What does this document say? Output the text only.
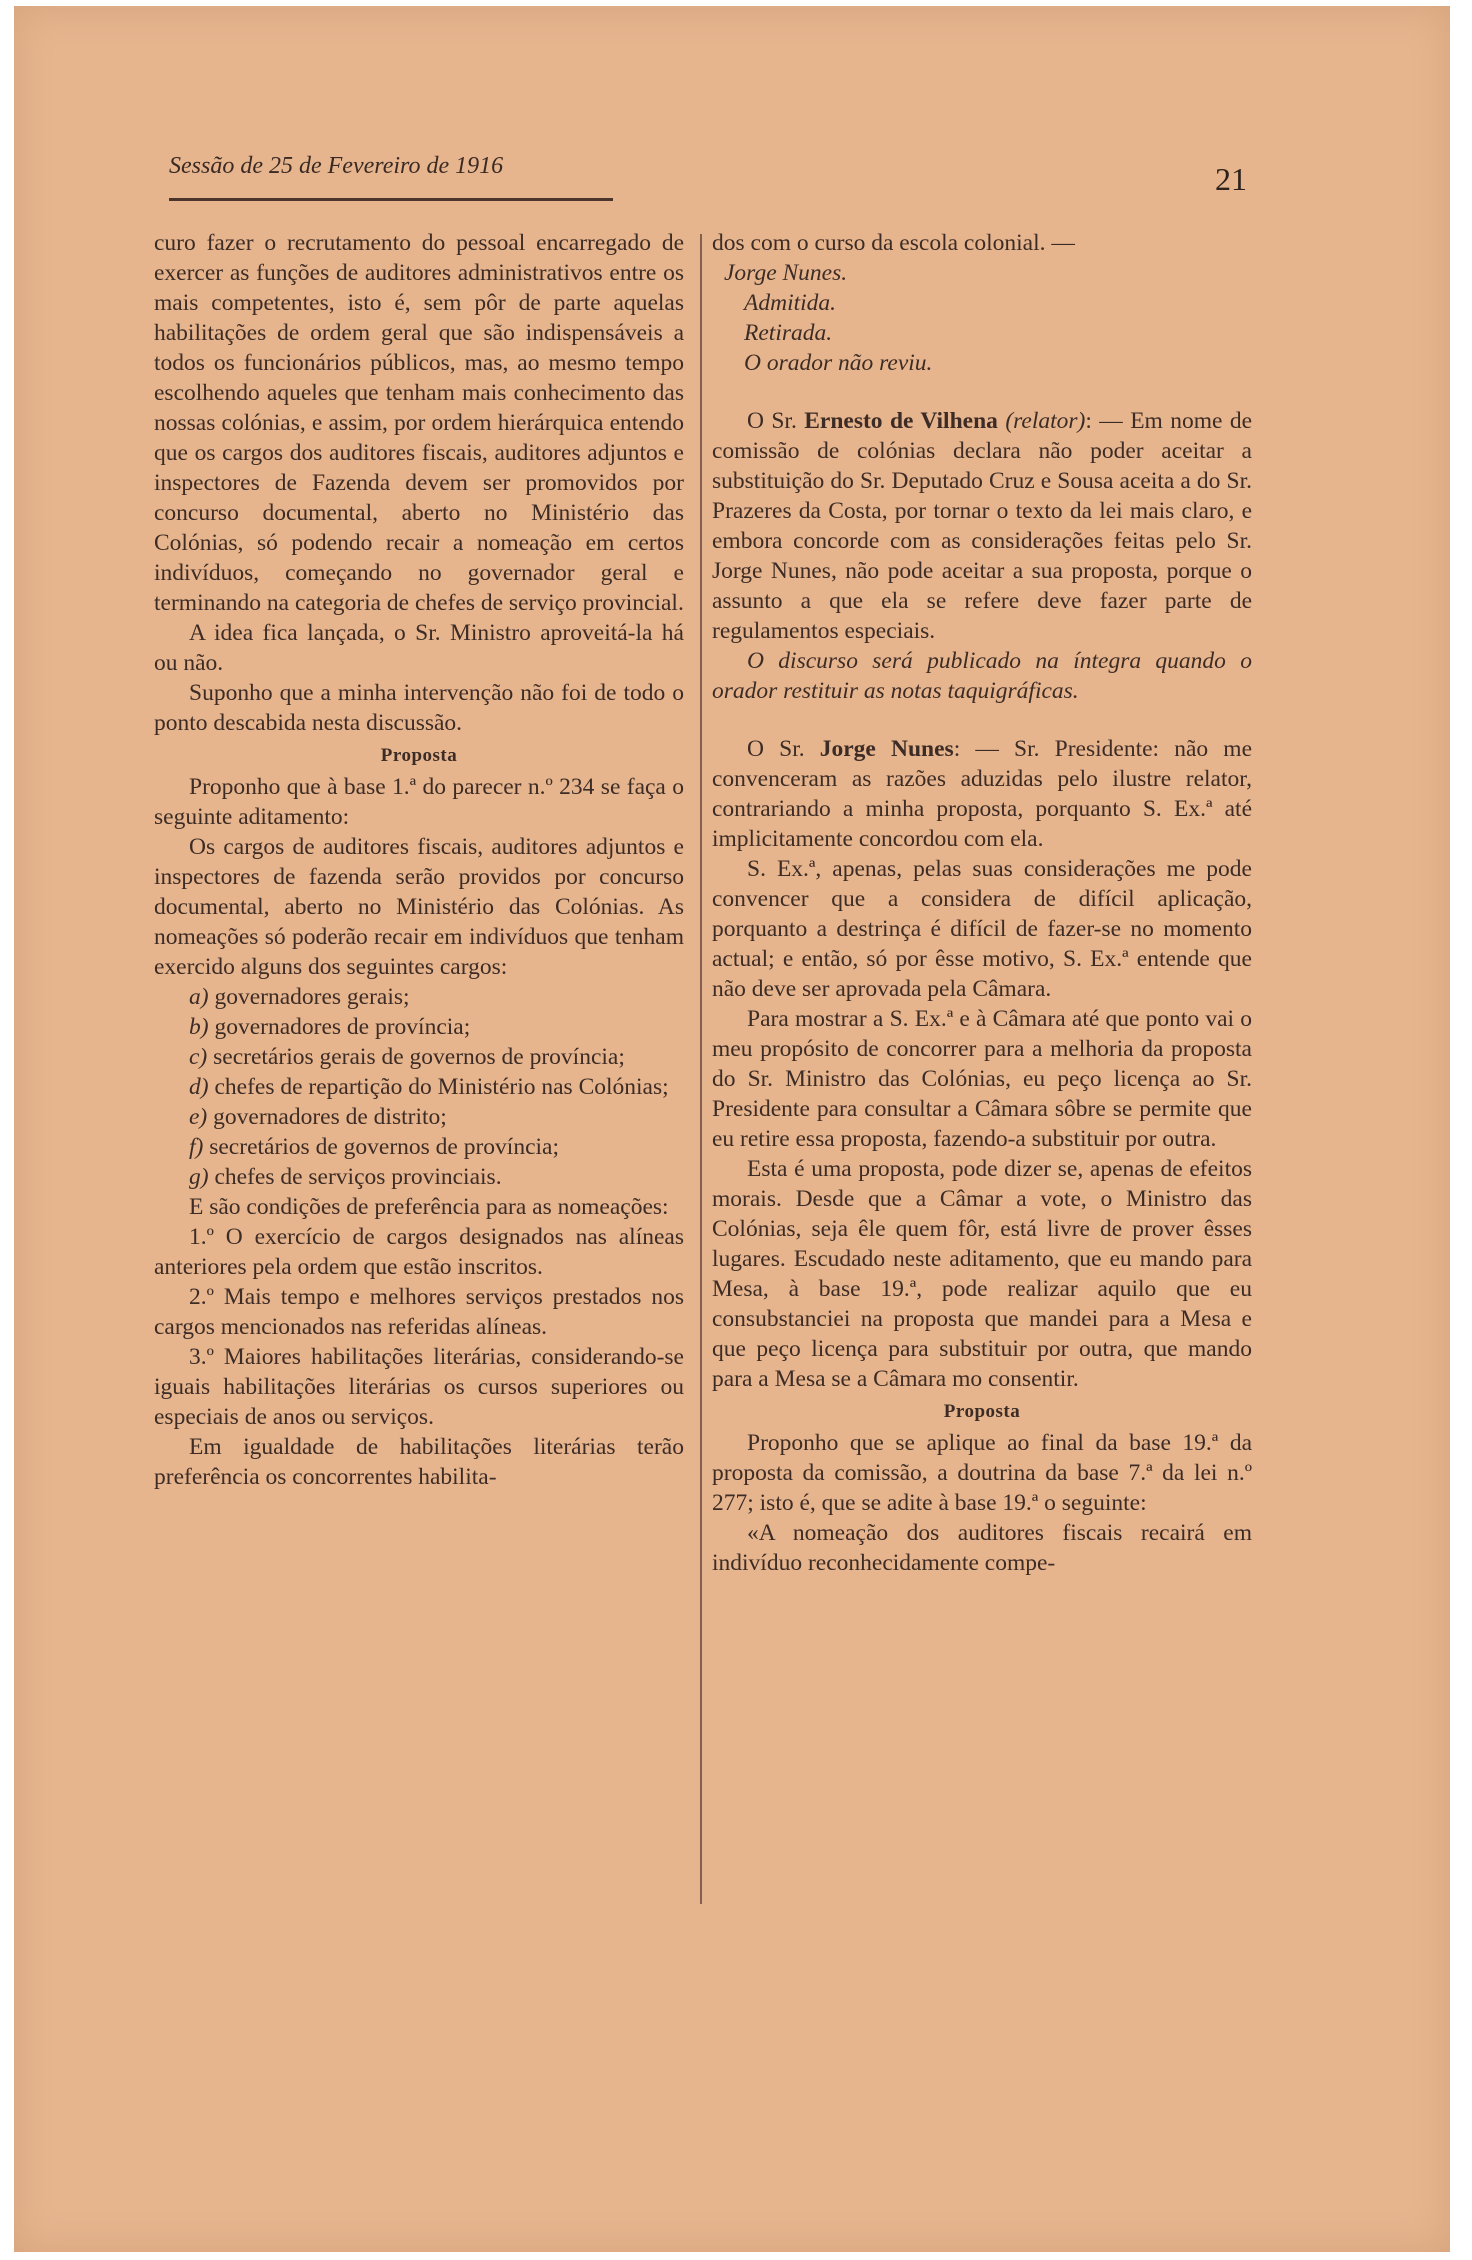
Sessão de 25 de Fevereiro de 1916	21

curo fazer o recrutamento do pessoal encarregado de exercer as funções de auditores administrativos entre os mais competentes, isto é, sem pôr de parte aquelas habilitações de ordem geral que são indispensáveis a todos os funcionários públicos, mas, ao mesmo tempo escolhendo aqueles que tenham mais conhecimento das nossas colónias, e assim, por ordem hierárquica entendo que os cargos dos auditores fiscais, auditores adjuntos e inspectores de Fazenda devem ser promovidos por concurso documental, aberto no Ministério das Colónias, só podendo recair a nomeação em certos indivíduos, começando no governador geral e terminando na categoria de chefes de serviço provincial.

A idea fica lançada, o Sr. Ministro aproveitá-la há ou não.

Suponho que a minha intervenção não foi de todo o ponto descabida nesta discussão.

Proposta

Proponho que à base 1.ª do parecer n.º 234 se faça o seguinte aditamento:

Os cargos de auditores fiscais, auditores adjuntos e inspectores de fazenda serão providos por concurso documental, aberto no Ministério das Colónias. As nomeações só poderão recair em indivíduos que tenham exercido alguns dos seguintes cargos:

a) governadores gerais;

b) governadores de província;

c) secretários gerais de governos de província;

d) chefes de repartição do Ministério nas Colónias;

e) governadores de distrito;

f) secretários de governos de província;

g) chefes de serviços provinciais.

E são condições de preferência para as nomeações:

1.º O exercício de cargos designados nas alíneas anteriores pela ordem que estão inscritos.

2.º Mais tempo e melhores serviços prestados nos cargos mencionados nas referidas alíneas.

3.º Maiores habilitações literárias, considerando-se iguais habilitações literárias os cursos superiores ou especiais de anos ou serviços.

Em igualdade de habilitações literárias terão preferência os concorrentes habilita-

dos com o curso da escola colonial. —

Jorge Nunes.

Admitida.

Retirada.

O orador não reviu.

O Sr. Ernesto de Vilhena (relator): — Em nome de comissão de colónias declara não poder aceitar a substituição do Sr. Deputado Cruz e Sousa aceita a do Sr. Prazeres da Costa, por tornar o texto da lei mais claro, e embora concorde com as considerações feitas pelo Sr. Jorge Nunes, não pode aceitar a sua proposta, porque o assunto a que ela se refere deve fazer parte de regulamentos especiais.

O discurso será publicado na íntegra quando o orador restituir as notas taquigráficas.

O Sr. Jorge Nunes: — Sr. Presidente: não me convenceram as razões aduzidas pelo ilustre relator, contrariando a minha proposta, porquanto S. Ex.ª até implicitamente concordou com ela.

S. Ex.ª, apenas, pelas suas considerações me pode convencer que a considera de difícil aplicação, porquanto a destrinça é difícil de fazer-se no momento actual; e então, só por êsse motivo, S. Ex.ª entende que não deve ser aprovada pela Câmara.

Para mostrar a S. Ex.ª e à Câmara até que ponto vai o meu propósito de concorrer para a melhoria da proposta do Sr. Ministro das Colónias, eu peço licença ao Sr. Presidente para consultar a Câmara sôbre se permite que eu retire essa proposta, fazendo-a substituir por outra.

Esta é uma proposta, pode dizer se, apenas de efeitos morais. Desde que a Câmar a vote, o Ministro das Colónias, seja êle quem fôr, está livre de prover êsses lugares. Escudado neste aditamento, que eu mando para Mesa, à base 19.ª, pode realizar aquilo que eu consubstanciei na proposta que mandei para a Mesa e que peço licença para substituir por outra, que mando para a Mesa se a Câmara mo consentir.

Proposta

Proponho que se aplique ao final da base 19.ª da proposta da comissão, a doutrina da base 7.ª da lei n.º 277; isto é, que se adite à base 19.ª o seguinte:

«A nomeação dos auditores fiscais recairá em indivíduo reconhecidamente compe-
